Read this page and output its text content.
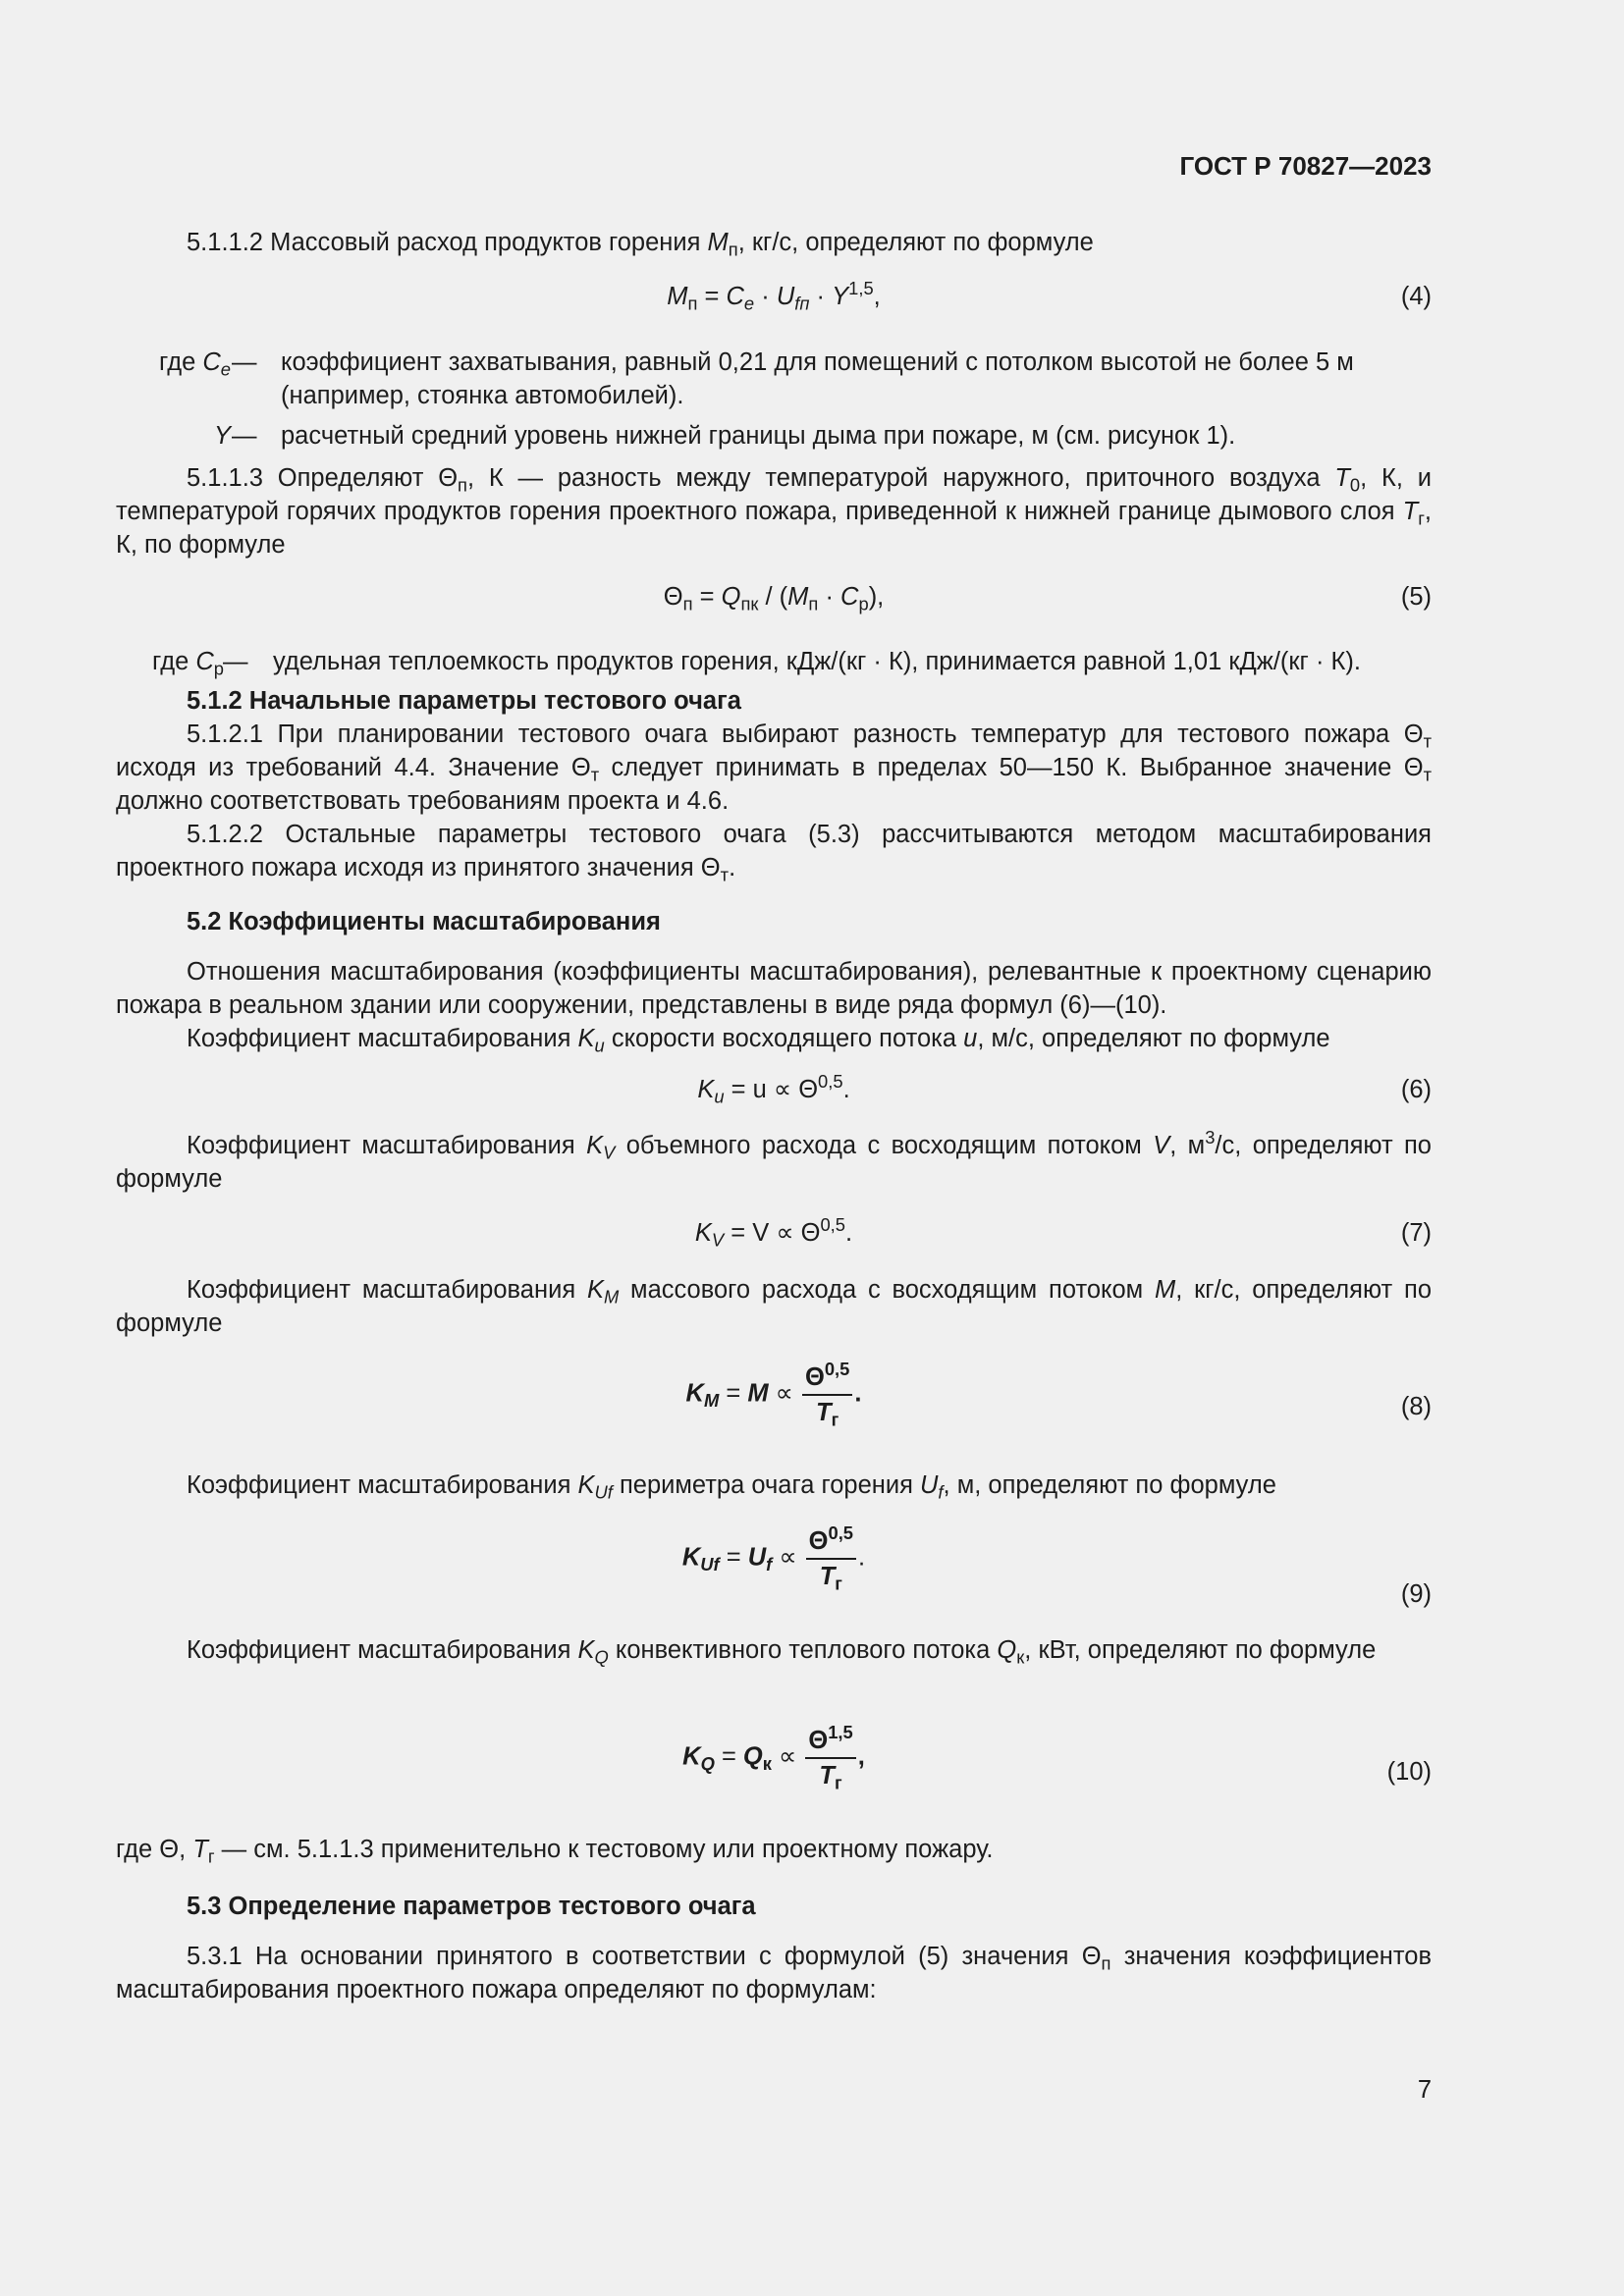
ГОСТ Р 70827—2023

5.1.1.2 Массовый расход продуктов горения $M_п$, кг/с, определяют по формуле

$M_п = C_e \cdot U_{fп} \cdot Y^{1,5}$,	(4)
где $C_e$ — коэффициент захватывания, равный 0,21 для помещений с потолком высотой не более 5 м (например, стоянка автомобилей).
Y — расчетный средний уровень нижней границы дыма при пожаре, м (см. рисунок 1).

5.1.1.3 Определяют $\Theta_п$, К — разность между температурой наружного, приточного воздуха $T_0$, К, и температурой горячих продуктов горения проектного пожара, приведенной к нижней границе дымового слоя $T_г$, К, по формуле

$\Theta_п = Q_{пк} / (M_п \cdot C_p)$,	(5)
где $C_p$ — удельная теплоемкость продуктов горения, кДж/(кг · К), принимается равной 1,01 кДж/(кг · К).
5.1.2 Начальные параметры тестового очага

5.1.2.1 При планировании тестового очага выбирают разность температур для тестового пожара $\Theta_т$ исходя из требований 4.4. Значение $\Theta_т$ следует принимать в пределах 50—150 К. Выбранное значение $\Theta_т$ должно соответствовать требованиям проекта и 4.6.

5.1.2.2 Остальные параметры тестового очага (5.3) рассчитываются методом масштабирования проектного пожара исходя из принятого значения $\Theta_т$.

5.2 Коэффициенты масштабирования

Отношения масштабирования (коэффициенты масштабирования), релевантные к проектному сценарию пожара в реальном здании или сооружении, представлены в виде ряда формул (6)—(10).

Коэффициент масштабирования $K_u$ скорости восходящего потока u, м/с, определяют по формуле

$K_u = u \propto \Theta^{0,5}$.	(6)

Коэффициент масштабирования $K_V$ объемного расхода с восходящим потоком V, $м^3/с$, определяют по формуле

$K_V = V \propto \Theta^{0,5}$.	(7)

Коэффициент масштабирования $K_M$ массового расхода с восходящим потоком M, кг/с, определяют по формуле

$K_M = M \propto \frac{\Theta^{0,5}}{T_г}$ .	(8)

Коэффициент масштабирования $K_{Uf}$ периметра очага горения $U_f$, м, определяют по формуле

$K_{Uf} = U_f \propto \frac{\Theta^{0,5}}{T_г}$ .
(9)

Коэффициент масштабирования $K_Q$ конвективного теплового потока $Q_к$, кВт, определяют по формуле

$K_Q = Q_к \propto \frac{\Theta^{1,5}}{T_г}$ ,
(10)

где Θ, $T_г$ — см. 5.1.1.3 применительно к тестовому или проектному пожару.

5.3 Определение параметров тестового очага

5.3.1 На основании принятого в соответствии с формулой (5) значения $\Theta_п$ значения коэффициентов масштабирования проектного пожара определяют по формулам:

7
